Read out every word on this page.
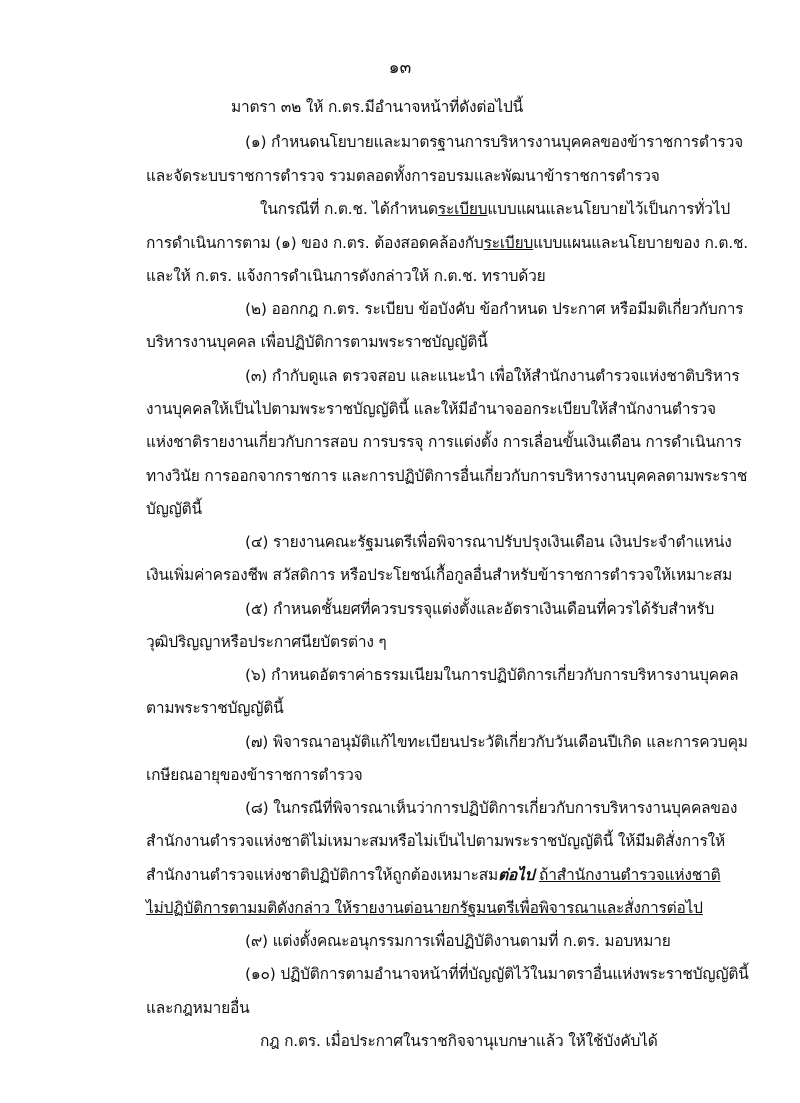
๑๓
มาตรา ๓๒ ให้ ก.ตร.มีอำนาจหน้าที่ดังต่อไปนี้
(๑) กำหนดนโยบายและมาตรฐานการบริหารงานบุคคลของข้าราชการตำรวจ
และจัดระบบราชการตำรวจ รวมตลอดทั้งการอบรมและพัฒนาข้าราชการตำรวจ
ในกรณีที่ ก.ต.ช. ได้กำหนดระเบียบแบบแผนและนโยบายไว้เป็นการทั่วไป
การดำเนินการตาม (๑) ของ ก.ตร. ต้องสอดคล้องกับระเบียบแบบแผนและนโยบายของ ก.ต.ช.
และให้ ก.ตร. แจ้งการดำเนินการดังกล่าวให้ ก.ต.ช. ทราบด้วย
(๒) ออกกฎ ก.ตร. ระเบียบ ข้อบังคับ ข้อกำหนด ประกาศ หรือมีมติเกี่ยวกับการ
บริหารงานบุคคล เพื่อปฏิบัติการตามพระราชบัญญัตินี้
(๓) กำกับดูแล ตรวจสอบ และแนะนำ เพื่อให้สำนักงานตำรวจแห่งชาติบริหาร
งานบุคคลให้เป็นไปตามพระราชบัญญัตินี้ และให้มีอำนาจออกระเบียบให้สำนักงานตำรวจ
แห่งชาติรายงานเกี่ยวกับการสอบ การบรรจุ การแต่งตั้ง การเลื่อนขั้นเงินเดือน การดำเนินการ
ทางวินัย การออกจากราชการ และการปฏิบัติการอื่นเกี่ยวกับการบริหารงานบุคคลตามพระราช
บัญญัตินี้
(๔) รายงานคณะรัฐมนตรีเพื่อพิจารณาปรับปรุงเงินเดือน เงินประจำตำแหน่ง
เงินเพิ่มค่าครองชีพ สวัสดิการ หรือประโยชน์เกื้อกูลอื่นสำหรับข้าราชการตำรวจให้เหมาะสม
(๕) กำหนดชั้นยศที่ควรบรรจุแต่งตั้งและอัตราเงินเดือนที่ควรได้รับสำหรับ
วุฒิปริญญาหรือประกาศนียบัตรต่าง ๆ
(๖) กำหนดอัตราค่าธรรมเนียมในการปฏิบัติการเกี่ยวกับการบริหารงานบุคคล
ตามพระราชบัญญัตินี้
(๗) พิจารณาอนุมัติแก้ไขทะเบียนประวัติเกี่ยวกับวันเดือนปีเกิด และการควบคุม
เกษียณอายุของข้าราชการตำรวจ
(๘) ในกรณีที่พิจารณาเห็นว่าการปฏิบัติการเกี่ยวกับการบริหารงานบุคคลของ
สำนักงานตำรวจแห่งชาติไม่เหมาะสมหรือไม่เป็นไปตามพระราชบัญญัตินี้ ให้มีมติสั่งการให้
สำนักงานตำรวจแห่งชาติปฏิบัติการให้ถูกต้องเหมาะสมต่อไป ถ้าสำนักงานตำรวจแห่งชาติ
ไม่ปฏิบัติการตามมติดังกล่าว ให้รายงานต่อนายกรัฐมนตรีเพื่อพิจารณาและสั่งการต่อไป
(๙) แต่งตั้งคณะอนุกรรมการเพื่อปฏิบัติงานตามที่ ก.ตร. มอบหมาย
(๑๐) ปฏิบัติการตามอำนาจหน้าที่ที่บัญญัติไว้ในมาตราอื่นแห่งพระราชบัญญัตินี้
และกฎหมายอื่น
กฎ ก.ตร. เมื่อประกาศในราชกิจจานุเบกษาแล้ว ให้ใช้บังคับได้
